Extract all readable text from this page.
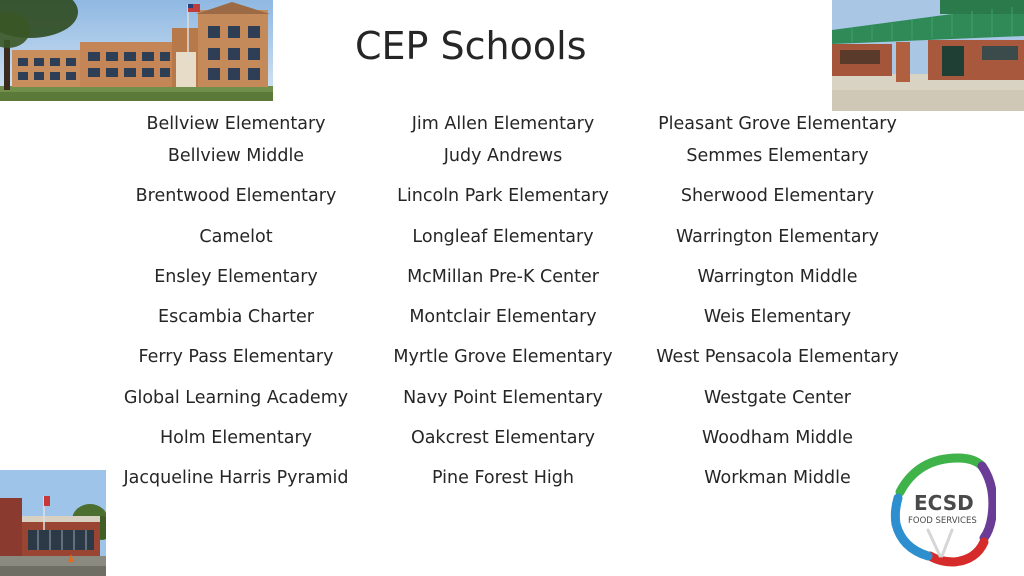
CEP Schools
Bellview Elementary
Bellview Middle
Brentwood Elementary
Camelot
Ensley Elementary
Escambia Charter
Ferry Pass Elementary
Global Learning Academy
Holm Elementary
Jacqueline Harris Pyramid
Jim Allen Elementary
Judy Andrews
Lincoln Park Elementary
Longleaf Elementary
McMillan Pre-K Center
Montclair Elementary
Myrtle Grove Elementary
Navy Point Elementary
Oakcrest Elementary
Pine Forest High
Pleasant Grove Elementary
Semmes Elementary
Sherwood Elementary
Warrington Elementary
Warrington Middle
Weis Elementary
West Pensacola Elementary
Westgate Center
Woodham Middle
Workman Middle
ECSD
FOOD SERVICES
